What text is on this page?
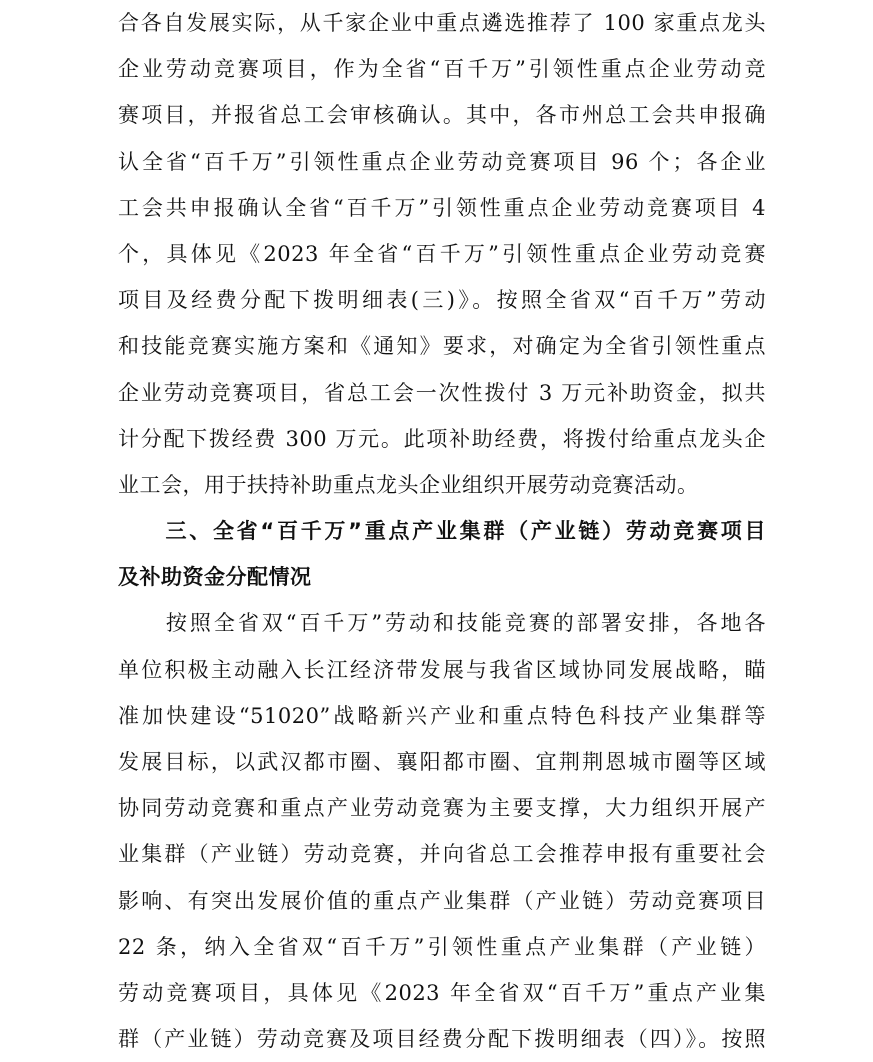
合各自发展实际，从千家企业中重点遴选推荐了 100 家重点龙头
企业劳动竞赛项目，作为全省“百千万”引领性重点企业劳动竞
赛项目，并报省总工会审核确认。其中，各市州总工会共申报确
认全省“百千万”引领性重点企业劳动竞赛项目 96 个；各企业
工会共申报确认全省“百千万”引领性重点企业劳动竞赛项目 4
个，具体见《2023 年全省“百千万”引领性重点企业劳动竞赛
项目及经费分配下拨明细表(三)》。按照全省双“百千万”劳动
和技能竞赛实施方案和《通知》要求，对确定为全省引领性重点
企业劳动竞赛项目，省总工会一次性拨付 3 万元补助资金，拟共
计分配下拨经费 300 万元。此项补助经费，将拨付给重点龙头企
业工会，用于扶持补助重点龙头企业组织开展劳动竞赛活动。
　　三、全省“百千万”重点产业集群（产业链）劳动竞赛项目
及补助资金分配情况
　　按照全省双“百千万”劳动和技能竞赛的部署安排，各地各
单位积极主动融入长江经济带发展与我省区域协同发展战略，瞄
准加快建设“51020”战略新兴产业和重点特色科技产业集群等
发展目标，以武汉都市圈、襄阳都市圈、宜荆荆恩城市圈等区域
协同劳动竞赛和重点产业劳动竞赛为主要支撑，大力组织开展产
业集群（产业链）劳动竞赛，并向省总工会推荐申报有重要社会
影响、有突出发展价值的重点产业集群（产业链）劳动竞赛项目
22 条，纳入全省双“百千万”引领性重点产业集群（产业链）
劳动竞赛项目，具体见《2023 年全省双“百千万”重点产业集
群（产业链）劳动竞赛及项目经费分配下拨明细表（四）》。按照
